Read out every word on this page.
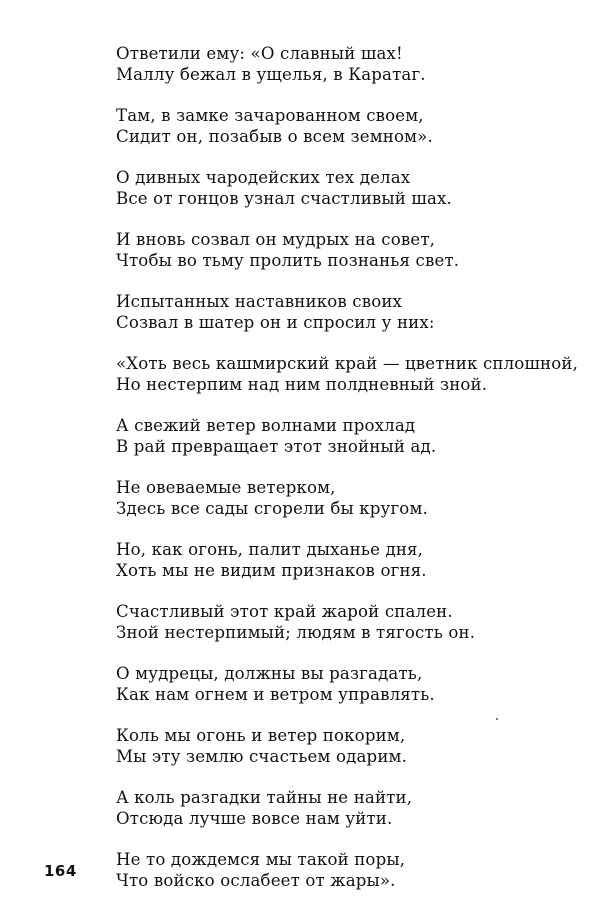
Ответили ему: «О славный шах!
Маллу бежал в ущелья, в Каратаг.
Там, в замке зачарованном своем,
Сидит он, позабыв о всем земном».
О дивных чародейских тех делах
Все от гонцов узнал счастливый шах.
И вновь созвал он мудрых на совет,
Чтобы во тьму пролить познанья свет.
Испытанных наставников своих
Созвал в шатер он и спросил у них:
«Хоть весь кашмирский край — цветник сплошной,
Но нестерпим над ним полдневный зной.
А свежий ветер волнами прохлад
В рай превращает этот знойный ад.
Не овеваемые ветерком,
Здесь все сады сгорели бы кругом.
Но, как огонь, палит дыханье дня,
Хоть мы не видим признаков огня.
Счастливый этот край жарой спален.
Зной нестерпимый; людям в тягость он.
О мудрецы, должны вы разгадать,
Как нам огнем и ветром управлять.
Коль мы огонь и ветер покорим,
Мы эту землю счастьем одарим.
А коль разгадки тайны не найти,
Отсюда лучше вовсе нам уйти.
Не то дождемся мы такой поры,
Что войско ослабеет от жары».
164
